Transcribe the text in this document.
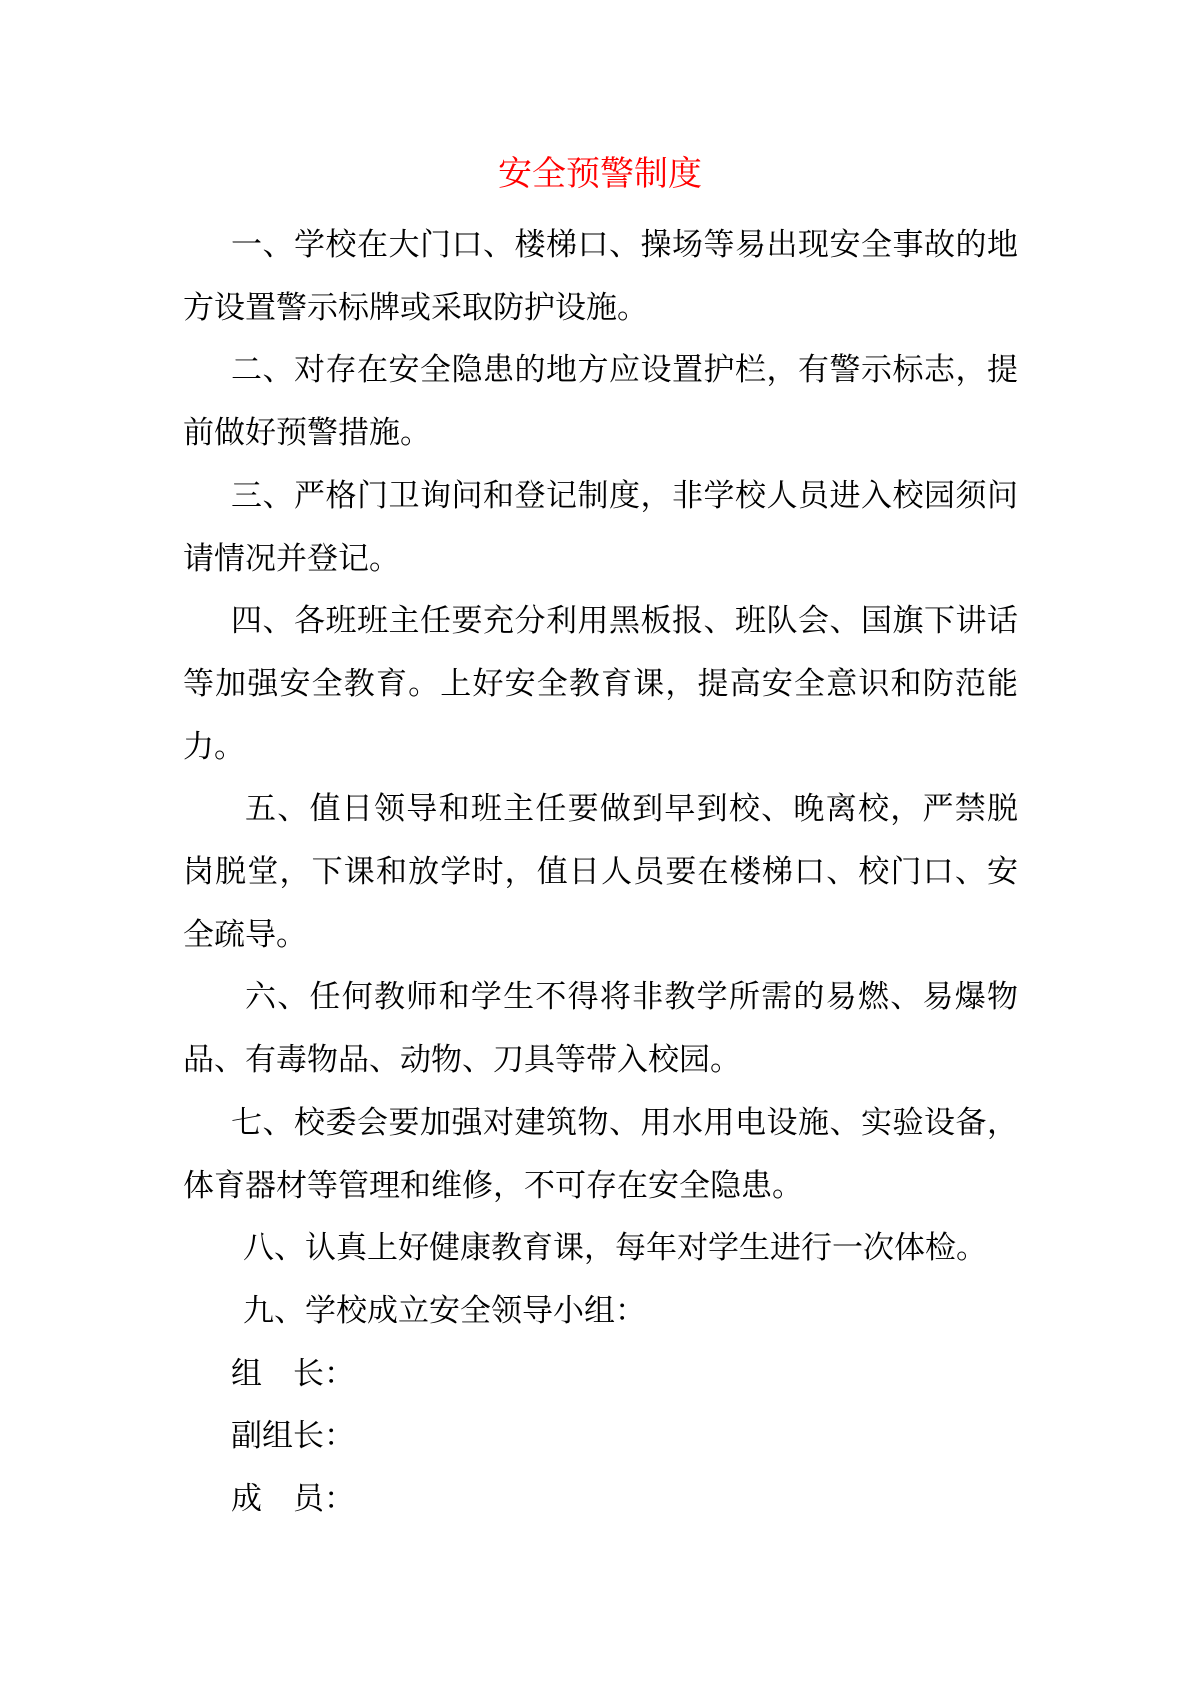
安全预警制度

一、学校在大门口、楼梯口、操场等易出现安全事故的地方设置警示标牌或采取防护设施。

二、对存在安全隐患的地方应设置护栏，有警示标志，提前做好预警措施。

三、严格门卫询问和登记制度，非学校人员进入校园须问请情况并登记。

四、各班班主任要充分利用黑板报、班队会、国旗下讲话等加强安全教育。上好安全教育课，提高安全意识和防范能力。

五、值日领导和班主任要做到早到校、晚离校，严禁脱岗脱堂，下课和放学时，值日人员要在楼梯口、校门口、安全疏导。

六、任何教师和学生不得将非教学所需的易燃、易爆物品、有毒物品、动物、刀具等带入校园。

七、校委会要加强对建筑物、用水用电设施、实验设备，体育器材等管理和维修，不可存在安全隐患。

八、认真上好健康教育课，每年对学生进行一次体检。

九、学校成立安全领导小组：

组　长：

副组长：

成　员：
